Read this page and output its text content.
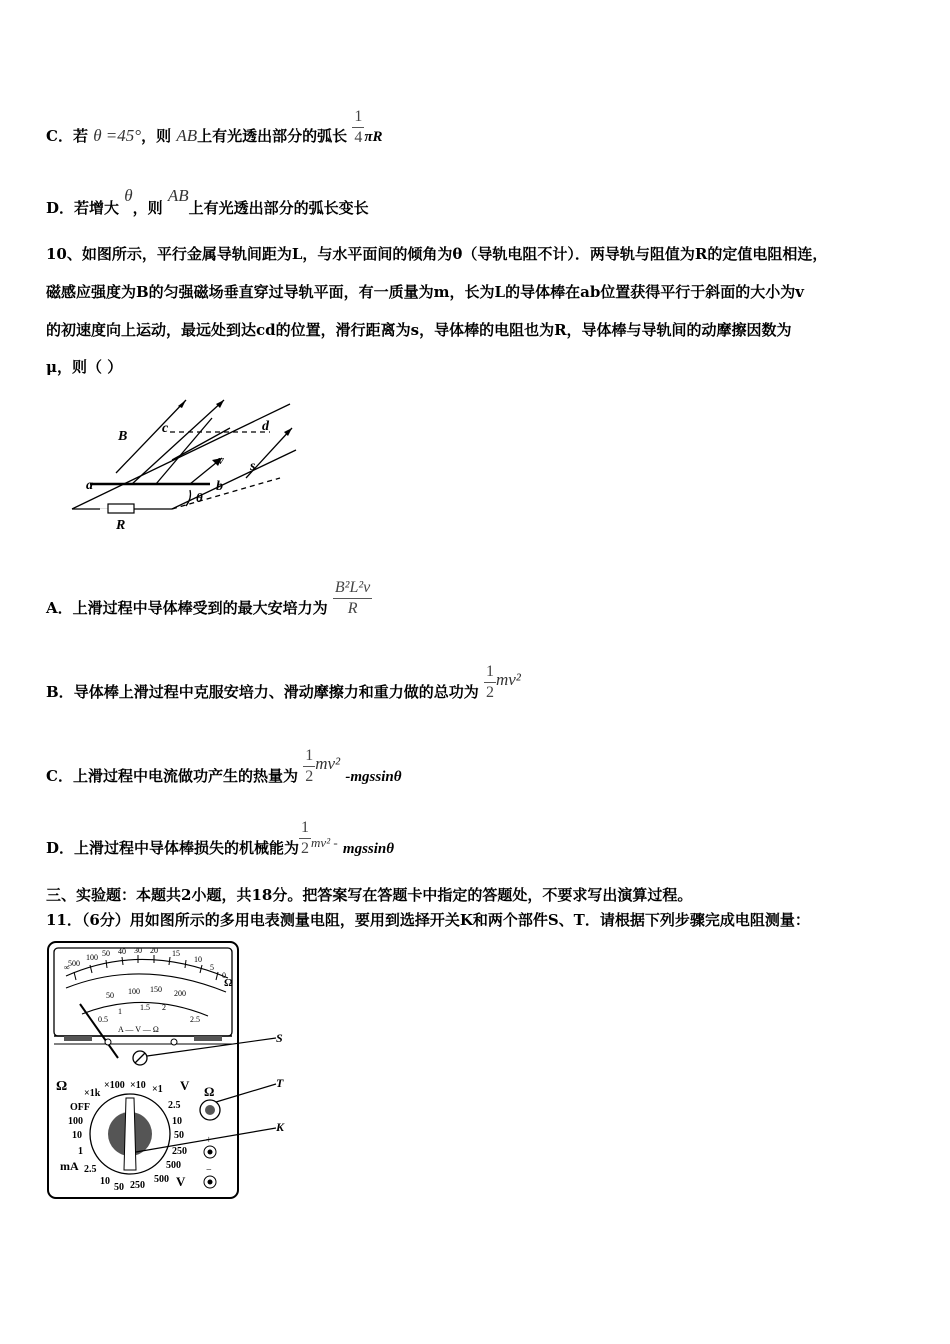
C．若 θ =45°，则 AB上有光透出部分的弧长 $\frac{1}{4}$ πR
D．若增大 θ，则 AB上有光透出部分的弧长变长
10、如图所示，平行金属导轨间距为L，与水平面间的倾角为θ（导轨电阻不计）．两导轨与阻值为R的定值电阻相连，
磁感应强度为B的匀强磁场垂直穿过导轨平面，有一质量为m，长为L的导体棒在ab位置获得平行于斜面的大小为v
的初速度向上运动，最远处到达cd的位置，滑行距离为s，导体棒的电阻也为R，导体棒与导轨间的动摩擦因数为
μ，则（ ）
B
c	d
v s
a	b
θ
R
A．上滑过程中导体棒受到的最大安培力为 $\frac{\text{B²L²v}}{R}$
B．导体棒上滑过程中克服安培力、滑动摩擦力和重力做的总功为 $\frac{1}{2} mv^2$
C．上滑过程中电流做功产生的热量为 $\frac{1}{2} mv^2$ -mgssinθ
D．上滑过程中导体棒损失的机械能为 $\frac{1}{2} mv^2$ - mgssinθ
三、实验题：本题共2小题，共18分。把答案写在答题卡中指定的答题处，不要求写出演算过程。
11．（6分）用如图所示的多用电表测量电阻，要用到选择开关K和两个部件S、T．请根据下列步骤完成电阻测量：
∞
500
100 50 40 30 20 15
10
5
0
50 100 150 200
0.5
1 1.5 2
2.5
Ω
A — V — Ω
S
K
T
Ω
+
−
Ω ×1k
×100 ×10 ×1 V
OFF
100
10
1
mA 2.5
10
50 250
500
2.5
10
50
250
500
V
